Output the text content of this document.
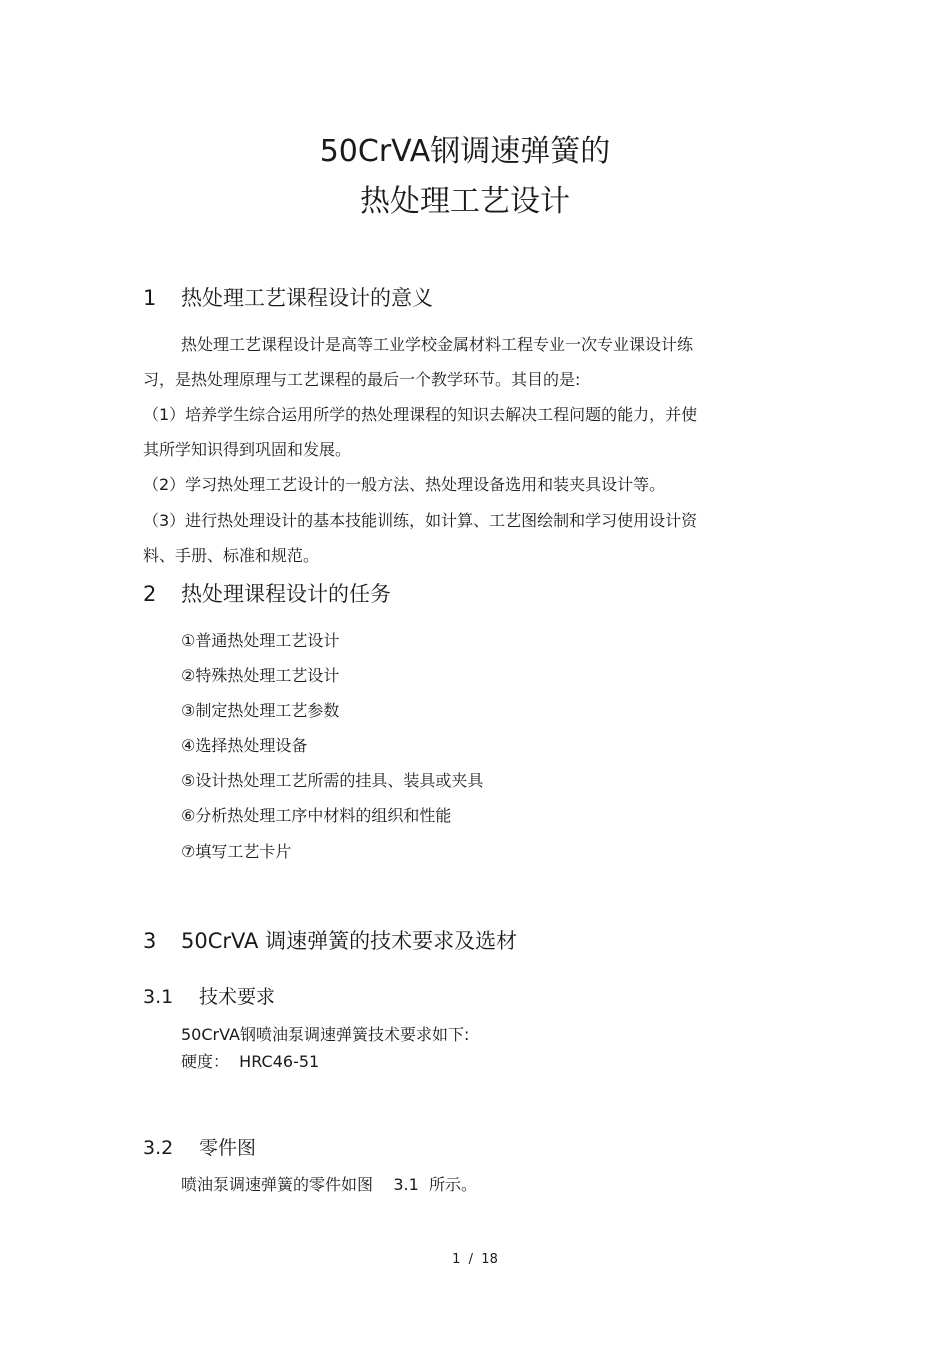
50CrVA钢调速弹簧的
热处理工艺设计
1 热处理工艺课程设计的意义
热处理工艺课程设计是高等工业学校金属材料工程专业一次专业课设计练
习，是热处理原理与工艺课程的最后一个教学环节。其目的是:
（1）培养学生综合运用所学的热处理课程的知识去解决工程问题的能力，并使
其所学知识得到巩固和发展。
（2）学习热处理工艺设计的一般方法、热处理设备选用和装夹具设计等。
（3）进行热处理设计的基本技能训练，如计算、工艺图绘制和学习使用设计资
料、手册、标准和规范。
2 热处理课程设计的任务
①普通热处理工艺设计
②特殊热处理工艺设计
③制定热处理工艺参数
④选择热处理设备
⑤设计热处理工艺所需的挂具、装具或夹具
⑥分析热处理工序中材料的组织和性能
⑦填写工艺卡片
3 50CrVA 调速弹簧的技术要求及选材
3.1 技术要求
50CrVA钢喷油泵调速弹簧技术要求如下:
硬度：  HRC46-51
3.2 零件图
喷油泵调速弹簧的零件如图    3.1  所示。
1  /  18
